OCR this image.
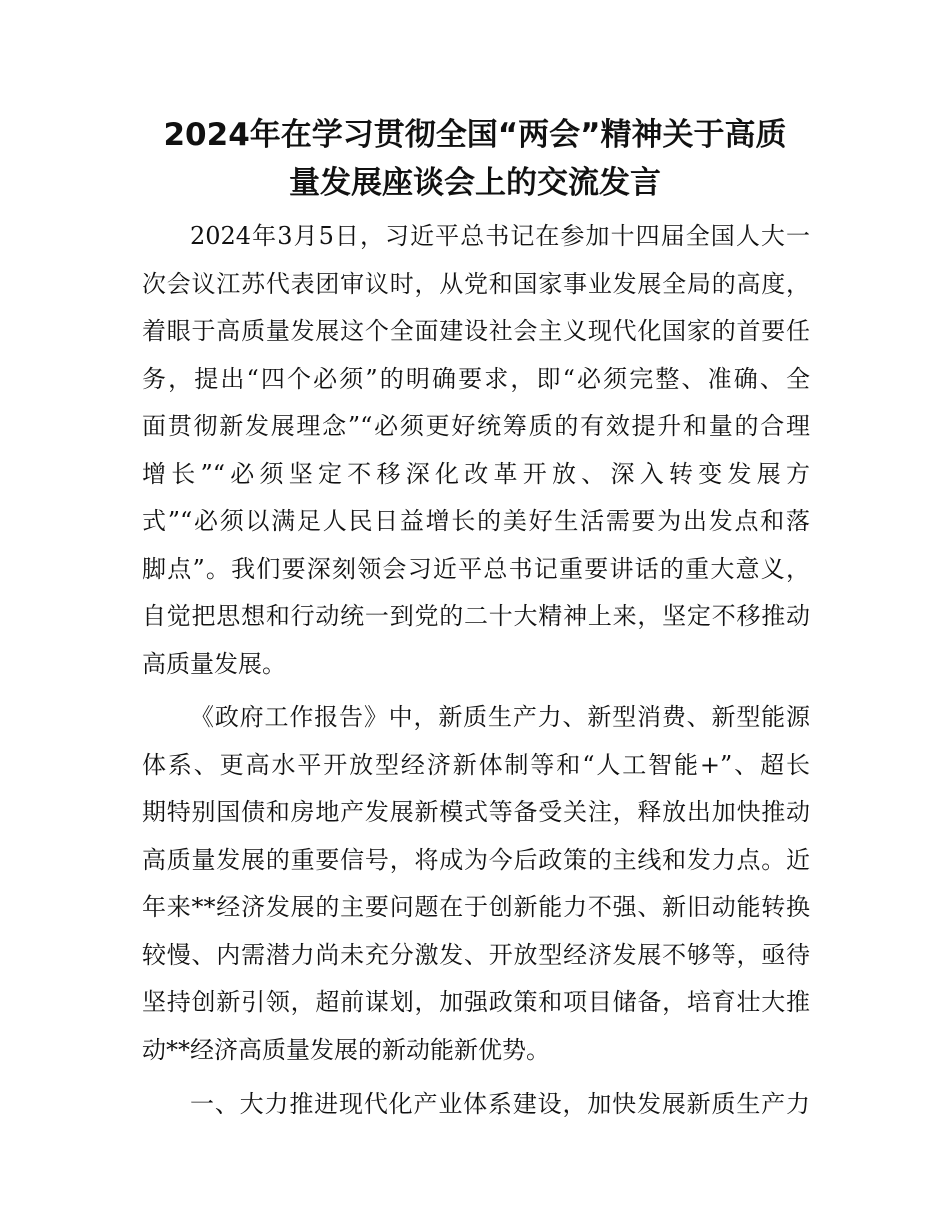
2024年在学习贯彻全国“两会”精神关于高质
量发展座谈会上的交流发言
2024年3月5日，习近平总书记在参加十四届全国人大一
次会议江苏代表团审议时，从党和国家事业发展全局的高度，
着眼于高质量发展这个全面建设社会主义现代化国家的首要任
务，提出“四个必须”的明确要求，即“必须完整、准确、全
面贯彻新发展理念”“必须更好统筹质的有效提升和量的合理
增长”“必须坚定不移深化改革开放、深入转变发展方
式”“必须以满足人民日益增长的美好生活需要为出发点和落
脚点”。我们要深刻领会习近平总书记重要讲话的重大意义，
自觉把思想和行动统一到党的二十大精神上来，坚定不移推动
高质量发展。
《政府工作报告》中，新质生产力、新型消费、新型能源
体系、更高水平开放型经济新体制等和“人工智能+”、超长
期特别国债和房地产发展新模式等备受关注，释放出加快推动
高质量发展的重要信号，将成为今后政策的主线和发力点。近
年来**经济发展的主要问题在于创新能力不强、新旧动能转换
较慢、内需潜力尚未充分激发、开放型经济发展不够等，亟待
坚持创新引领，超前谋划，加强政策和项目储备，培育壮大推
动**经济高质量发展的新动能新优势。
一、大力推进现代化产业体系建设，加快发展新质生产力
